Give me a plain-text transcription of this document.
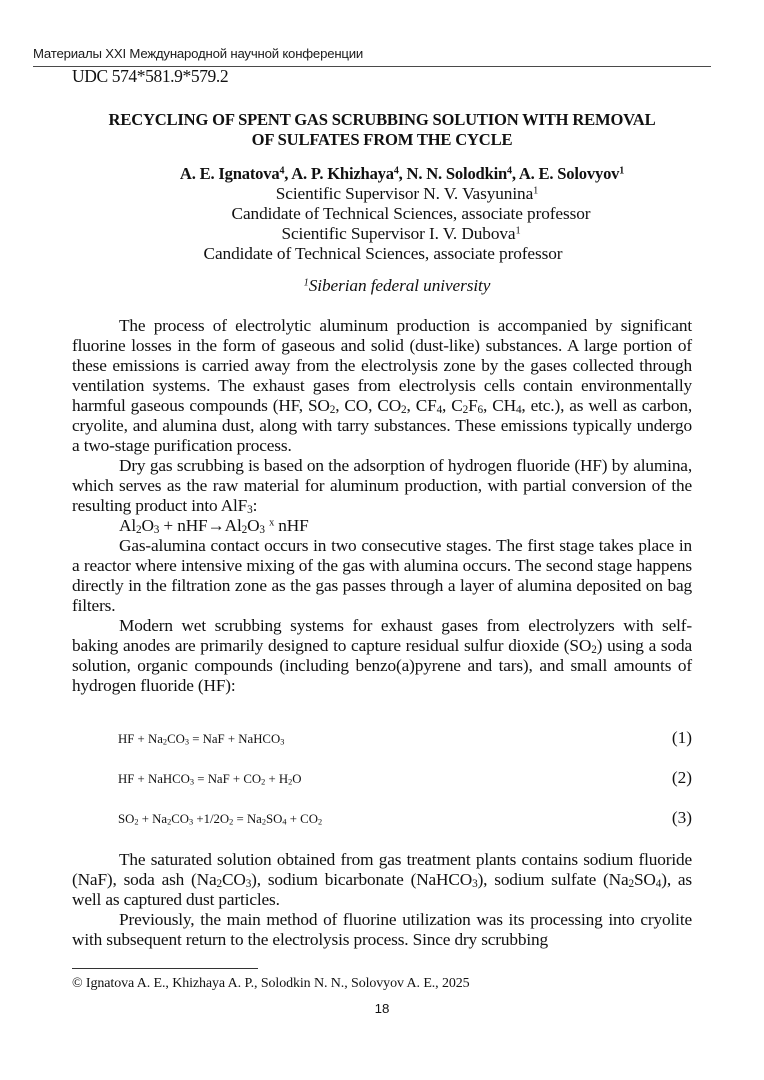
Материалы XXI Международной научной конференции
UDC 574*581.9*579.2
RECYCLING OF SPENT GAS SCRUBBING SOLUTION WITH REMOVAL
OF SULFATES FROM THE CYCLE
A. E. Ignatova$^4$, A. P. Khizhaya$^4$, N. N. Solodkin$^4$, A. E. Solovyov$^1$
Scientific Supervisor N. V. Vasyunina$^1$
Candidate of Technical Sciences, associate professor
Scientific Supervisor I. V. Dubova$^1$
Candidate of Technical Sciences, associate professor
$^1$Siberian federal university

The process of electrolytic aluminum production is accompanied by significant fluorine losses in the form of gaseous and solid (dust-like) substances. A large portion of these emissions is carried away from the electrolysis zone by the gases collected through ventilation systems. The exhaust gases from electrolysis cells contain environmentally harmful gaseous compounds (HF, $SO_2$, CO, $CO_2$, $CF_4$, $C_2F_6$, $CH_4$, etc.), as well as carbon, cryolite, and alumina dust, along with tarry substances. These emissions typically undergo a two-stage purification process.

Dry gas scrubbing is based on the adsorption of hydrogen fluoride (HF) by alumina, which serves as the raw material for aluminum production, with partial conversion of the resulting product into AlF$_3$:

$Al_2O_3 + nHF\to Al_2O_3$ $^x$ nHF

Gas-alumina contact occurs in two consecutive stages. The first stage takes place in a reactor where intensive mixing of the gas with alumina occurs. The second stage happens directly in the filtration zone as the gas passes through a layer of alumina deposited on bag filters.

Modern wet scrubbing systems for exhaust gases from electrolyzers with self-baking anodes are primarily designed to capture residual sulfur dioxide $(SO_2)$ using a soda solution, organic compounds (including benzo(a)pyrene and tars), and small amounts of hydrogen fluoride (HF):

HF + $Na_2CO_3$ = NaF + NaHCO$_3$	(1)
HF + NaHCO$_3$ = NaF + $CO_2 + H_2O$	(2)
$SO_2 + Na_2CO_3 +1/2O_2 = Na_2SO_4 + CO_2$	(3)

The saturated solution obtained from gas treatment plants contains sodium fluoride (NaF), soda ash $(Na_2CO_3)$, sodium bicarbonate (NaHCO$_3$), sodium sulfate $(Na_2SO_4)$, as well as captured dust particles.

Previously, the main method of fluorine utilization was its processing into cryolite with subsequent return to the electrolysis process. Since dry scrubbing

© Ignatova A. E., Khizhaya A. P., Solodkin N. N., Solovyov A. E., 2025
18
